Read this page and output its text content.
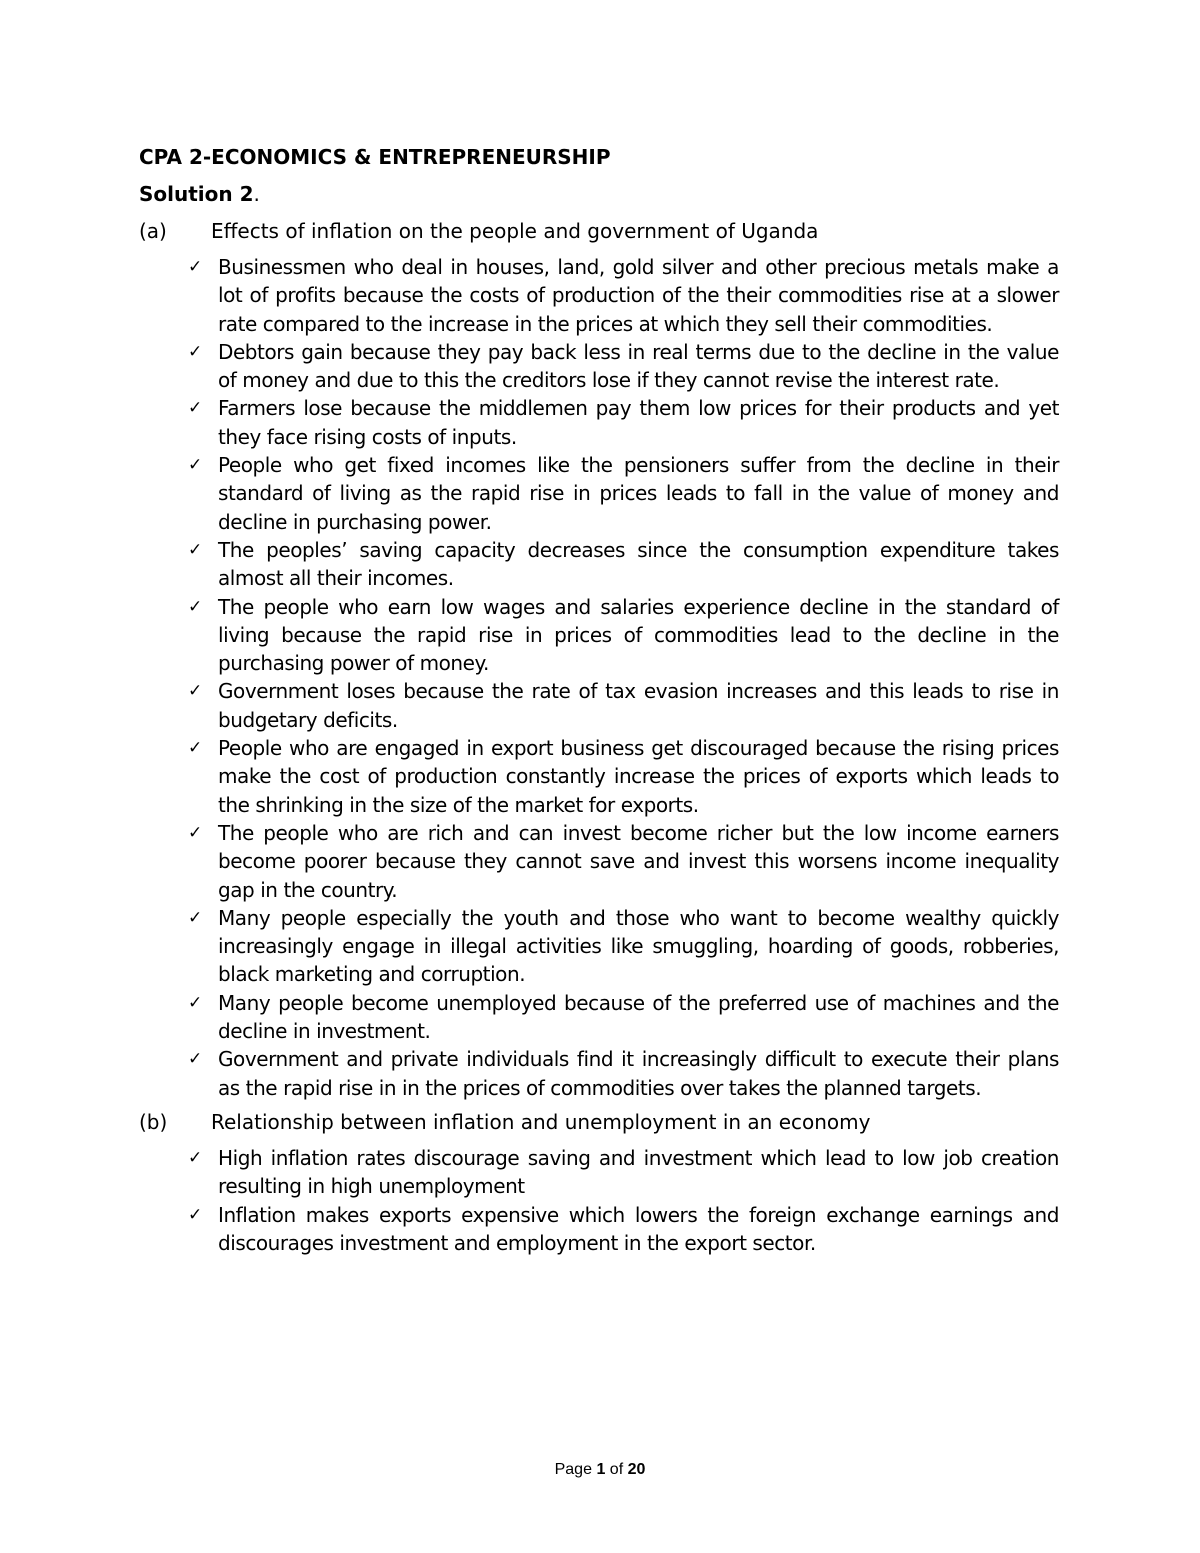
CPA 2-ECONOMICS & ENTREPRENEURSHIP
Solution 2.
(a)	Effects of inflation on the people and government of Uganda
✓ Businessmen who deal in houses, land, gold silver and other precious metals make a lot of profits because the costs of production of the their commodities rise at a slower rate compared to the increase in the prices at which they sell their commodities.
✓ Debtors gain because they pay back less in real terms due to the decline in the value of money and due to this the creditors lose if they cannot revise the interest rate.
✓ Farmers lose because the middlemen pay them low prices for their products and yet they face rising costs of inputs.
✓ People who get fixed incomes like the pensioners suffer from the decline in their standard of living as the rapid rise in prices leads to fall in the value of money and decline in purchasing power.
✓ The peoples’ saving capacity decreases since the consumption expenditure takes almost all their incomes.
✓ The people who earn low wages and salaries experience decline in the standard of living because the rapid rise in prices of commodities lead to the decline in the purchasing power of money.
✓ Government loses because the rate of tax evasion increases and this leads to rise in budgetary deficits.
✓ People who are engaged in export business get discouraged because the rising prices make the cost of production constantly increase the prices of exports which leads to the shrinking in the size of the market for exports.
✓ The people who are rich and can invest become richer but the low income earners become poorer because they cannot save and invest this worsens income inequality gap in the country.
✓ Many people especially the youth and those who want to become wealthy quickly increasingly engage in illegal activities like smuggling, hoarding of goods, robberies, black marketing and corruption.
✓ Many people become unemployed because of the preferred use of machines and the decline in investment.
✓ Government and private individuals find it increasingly difficult to execute their plans as the rapid rise in in the prices of commodities over takes the planned targets.
(b)	Relationship between inflation and unemployment in an economy
✓ High inflation rates discourage saving and investment which lead to low job creation resulting in high unemployment
✓ Inflation makes exports expensive which lowers the foreign exchange earnings and discourages investment and employment in the export sector.
Page 1 of 20
